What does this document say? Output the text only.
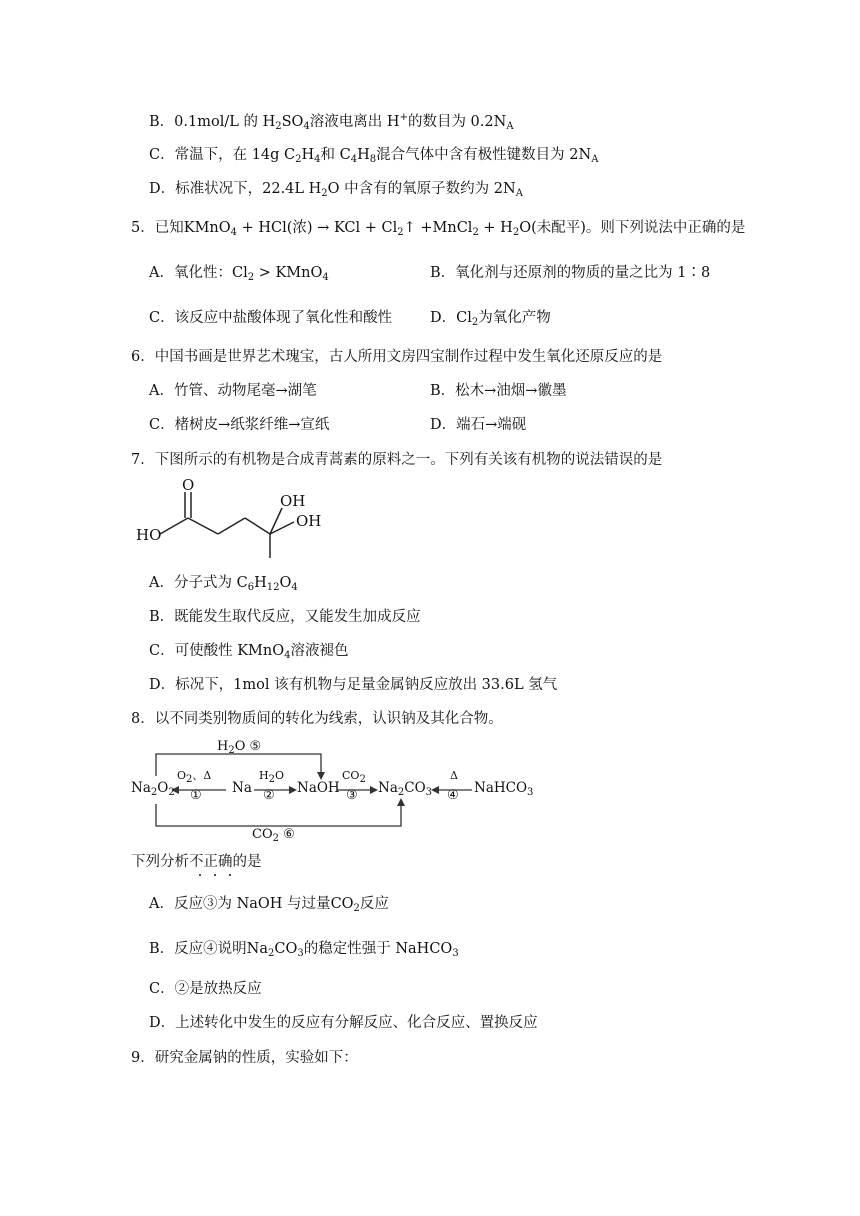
B．0.1mol/L 的 $H_2SO_4$溶液电离出 H+的数目为 $0.2N_A$
C．常温下，在 14g $C_2H_4$和 $C_4H_8$混合气体中含有极性键数目为 $2N_A$
D．标准状况下，22.4L $H_2O$ 中含有的氧原子数约为 $2N_A$
5．已知KMnO$_4$ + HCl(浓) → KCl + $Cl_2↑$ +MnCl$_2$ + $H_2O$(未配平)。则下列说法中正确的是
A．氧化性：$Cl_2$ > KMnO$_4$	B．氧化剂与还原剂的物质的量之比为 1∶8
C．该反应中盐酸体现了氧化性和酸性	D．$Cl_2$为氧化产物
6．中国书画是世界艺术瑰宝，古人所用文房四宝制作过程中发生氧化还原反应的是
A．竹管、动物尾毫→湖笔	B．松木→油烟→徽墨
C．楮树皮→纸浆纤维→宣纸	D．端石→端砚
7．下图所示的有机物是合成青蒿素的原料之一。下列有关该有机物的说法错误的是
O
HO
OH
OH
A．分子式为 $C_6H_{12}O_4$
B．既能发生取代反应，又能发生加成反应
C．可使酸性 KMnO$_4$溶液褪色
D．标况下，1mol 该有机物与足量金属钠反应放出 33.6L 氢气
8．以不同类别物质间的转化为线索，认识钠及其化合物。
$Na_2O_2$	Na	NaOH	$Na_2CO_3$	NaHCO$_3$
$O_2$、Δ
①
$H_2O$
②
$CO_2$
③
Δ
④
$H_2O$ ⑤
$CO_2$ ⑥
下列分析不正确的是
A．反应③为 NaOH 与过量$CO_2$反应
B．反应④说明$Na_2CO_3$的稳定性强于 NaHCO$_3$
C．②是放热反应
D．上述转化中发生的反应有分解反应、化合反应、置换反应
9．研究金属钠的性质，实验如下：
